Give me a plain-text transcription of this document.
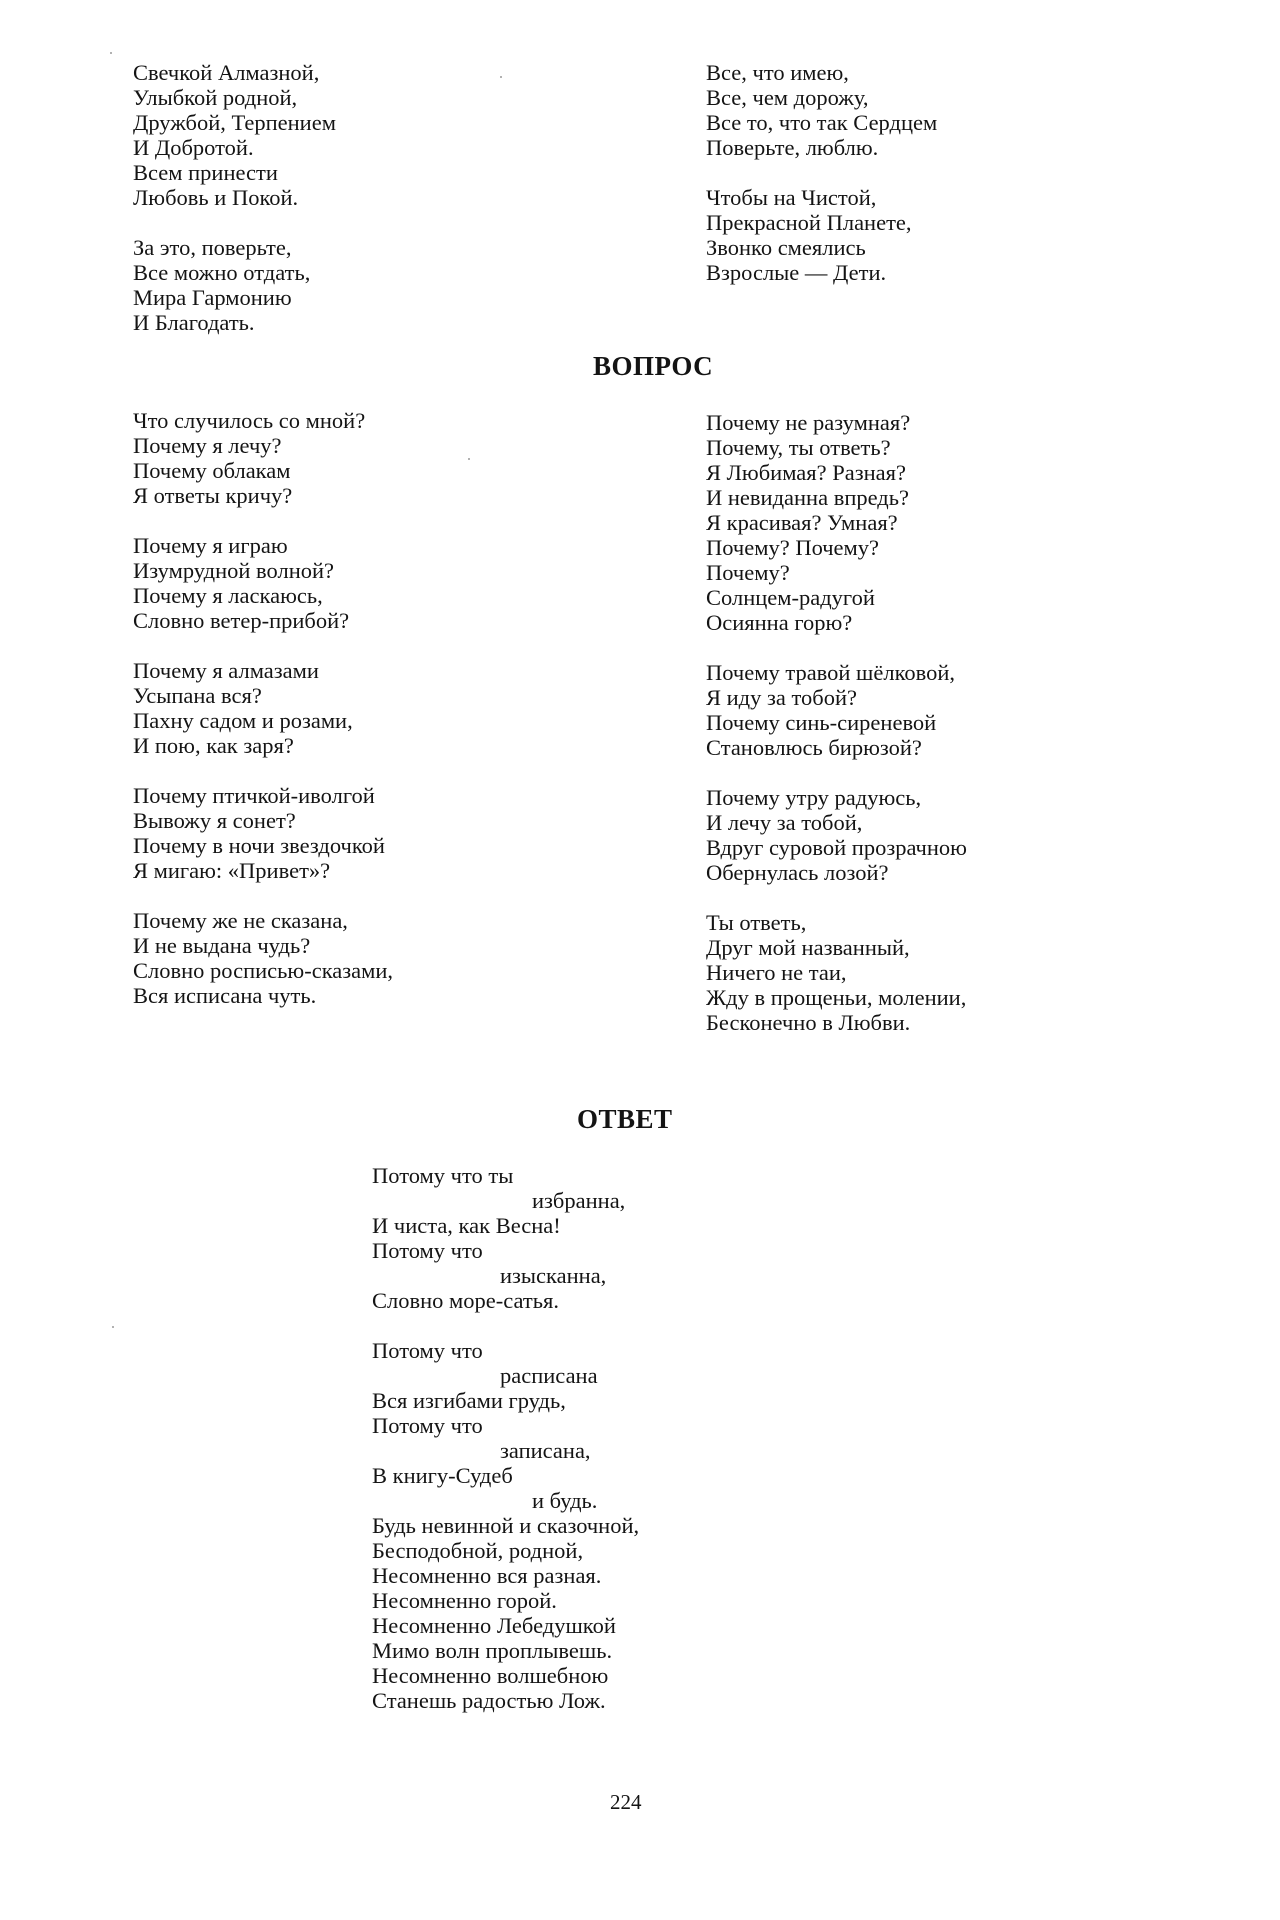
Свечкой Алмазной,
Улыбкой родной,
Дружбой, Терпением
И Добротой.
Всем принести
Любовь и Покой.
За это, поверьте,
Все можно отдать,
Мира Гармонию
И Благодать.
Все, что имею,
Все, чем дорожу,
Все то, что так Сердцем
Поверьте, люблю.
Чтобы на Чистой,
Прекрасной Планете,
Звонко смеялись
Взрослые — Дети.
ВОПРОС
Что случилось со мной?
Почему я лечу?
Почему облакам
Я ответы кричу?
Почему я играю
Изумрудной волной?
Почему я ласкаюсь,
Словно ветер-прибой?
Почему я алмазами
Усыпана вся?
Пахну садом и розами,
И пою, как заря?
Почему птичкой-иволгой
Вывожу я сонет?
Почему в ночи звездочкой
Я мигаю: «Привет»?
Почему же не сказана,
И не выдана чудь?
Словно росписью-сказами,
Вся исписана чуть.
Почему не разумная?
Почему, ты ответь?
Я Любимая? Разная?
И невиданна впредь?
Я красивая? Умная?
Почему? Почему?
Почему?
Солнцем-радугой
Осиянна горю?
Почему травой шёлковой,
Я иду за тобой?
Почему синь-сиреневой
Становлюсь бирюзой?
Почему утру радуюсь,
И лечу за тобой,
Вдруг суровой прозрачною
Обернулась лозой?
Ты ответь,
Друг мой названный,
Ничего не таи,
Жду в прощеньи, молении,
Бесконечно в Любви.
ОТВЕТ
Потому что ты
избранна,
И чиста, как Весна!
Потому что
изысканна,
Словно море-сатья.
Потому что
расписана
Вся изгибами грудь,
Потому что
записана,
В книгу-Судеб
и будь.
Будь невинной и сказочной,
Бесподобной, родной,
Несомненно вся разная.
Несомненно горой.
Несомненно Лебедушкой
Мимо волн проплывешь.
Несомненно волшебною
Станешь радостью Лож.
224
